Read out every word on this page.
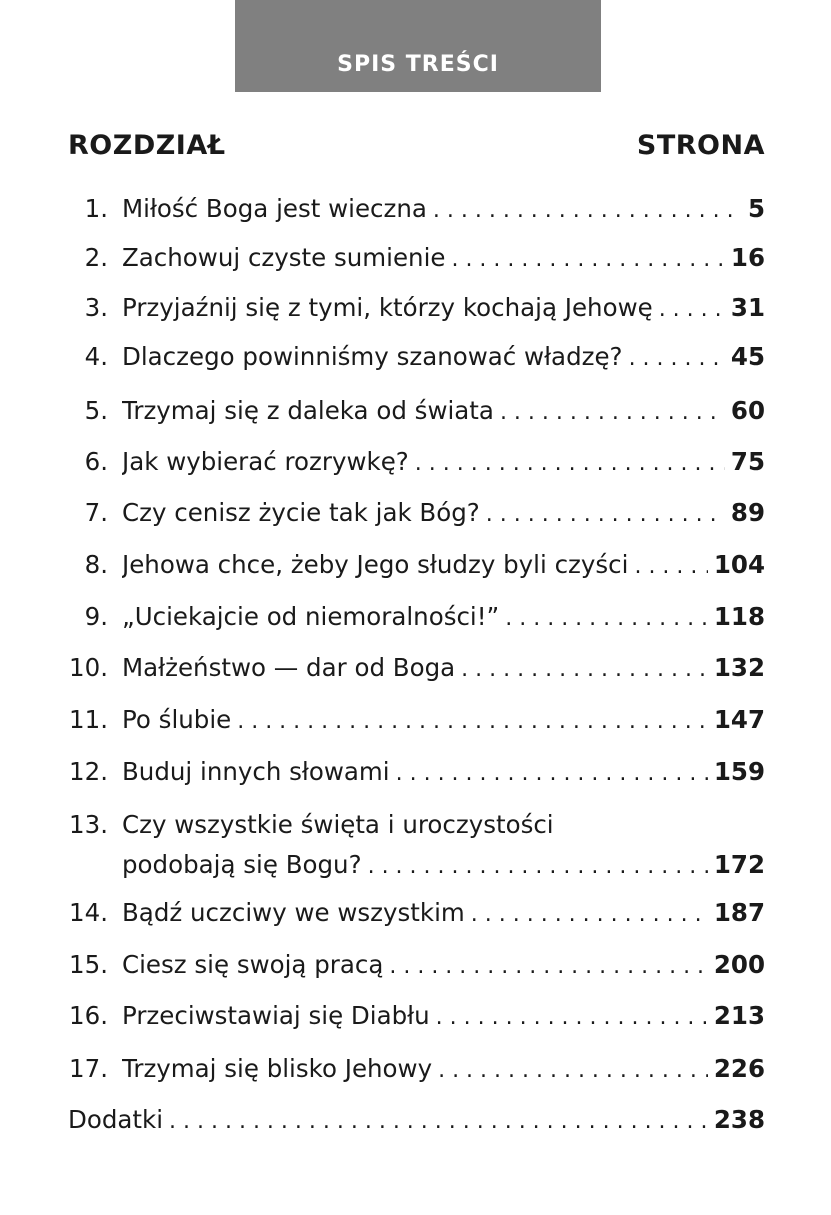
SPIS TREŚCI
ROZDZIAŁ	STRONA
1. Miłość Boga jest wieczna . . .	5
2. Zachowuj czyste sumienie . . .	16
3. Przyjaźnij się z tymi, którzy kochają Jehowę . . .	31
4. Dlaczego powinniśmy szanować władzę? . . .	45
5. Trzymaj się z daleka od świata . . .	60
6. Jak wybierać rozrywkę? . . .	75
7. Czy cenisz życie tak jak Bóg? . . .	89
8. Jehowa chce, żeby Jego słudzy byli czyści . . .	104
9. „Uciekajcie od niemoralności!” . . .	118
10. Małżeństwo — dar od Boga . . .	132
11. Po ślubie . . .	147
12. Buduj innych słowami . . .	159
13. Czy wszystkie święta i uroczystości
podobają się Bogu? . . .	172
14. Bądź uczciwy we wszystkim . . .	187
15. Ciesz się swoją pracą . . .	200
16. Przeciwstawiaj się Diabłu . . .	213
17. Trzymaj się blisko Jehowy . . .	226
Dodatki . . .	238
